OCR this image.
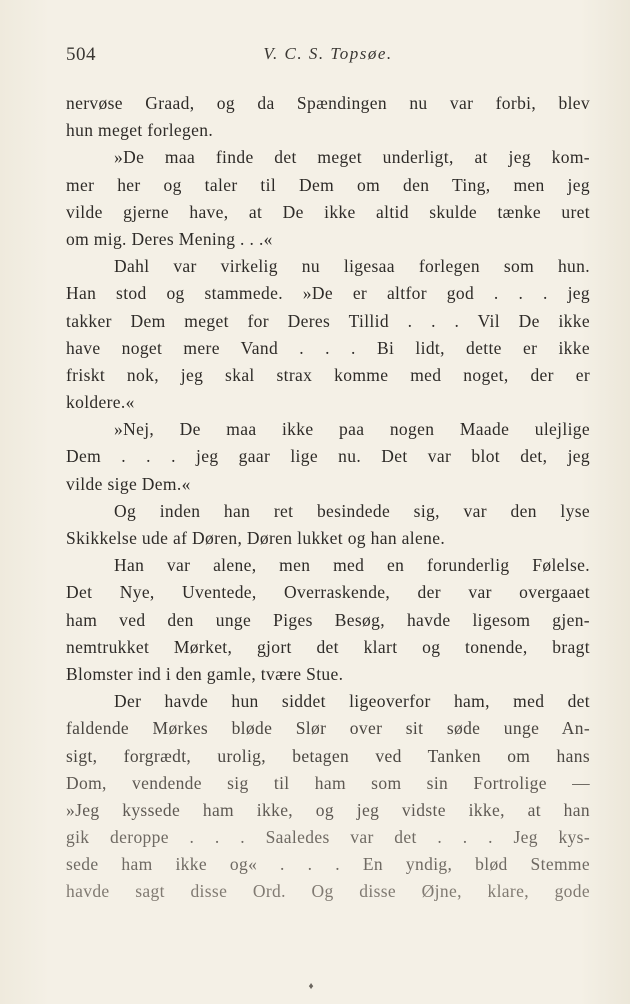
504	V. C. S. Topsøe.
nervøse Graad, og da Spændingen nu var forbi, blev
hun meget forlegen.
»De maa finde det meget underligt, at jeg kom-
mer her og taler til Dem om den Ting, men jeg
vilde gjerne have, at De ikke altid skulde tænke uret
om mig. Deres Mening . . .«
Dahl var virkelig nu ligesaa forlegen som hun.
Han stod og stammede. »De er altfor god . . . jeg
takker Dem meget for Deres Tillid . . . Vil De ikke
have noget mere Vand . . . Bi lidt, dette er ikke
friskt nok, jeg skal strax komme med noget, der er
koldere.«
»Nej, De maa ikke paa nogen Maade ulejlige
Dem . . . jeg gaar lige nu. Det var blot det, jeg
vilde sige Dem.«
Og inden han ret besindede sig, var den lyse
Skikkelse ude af Døren, Døren lukket og han alene.
Han var alene, men med en forunderlig Følelse.
Det Nye, Uventede, Overraskende, der var overgaaet
ham ved den unge Piges Besøg, havde ligesom gjen-
nemtrukket Mørket, gjort det klart og tonende, bragt
Blomster ind i den gamle, tvære Stue.
Der havde hun siddet ligeoverfor ham, med det
faldende Mørkes bløde Slør over sit søde unge An-
sigt, forgrædt, urolig, betagen ved Tanken om hans
Dom, vendende sig til ham som sin Fortrolige —
»Jeg kyssede ham ikke, og jeg vidste ikke, at han
gik deroppe . . . Saaledes var det . . . Jeg kys-
sede ham ikke og« . . . En yndig, blød Stemme
havde sagt disse Ord. Og disse Øjne, klare, gode
♦
